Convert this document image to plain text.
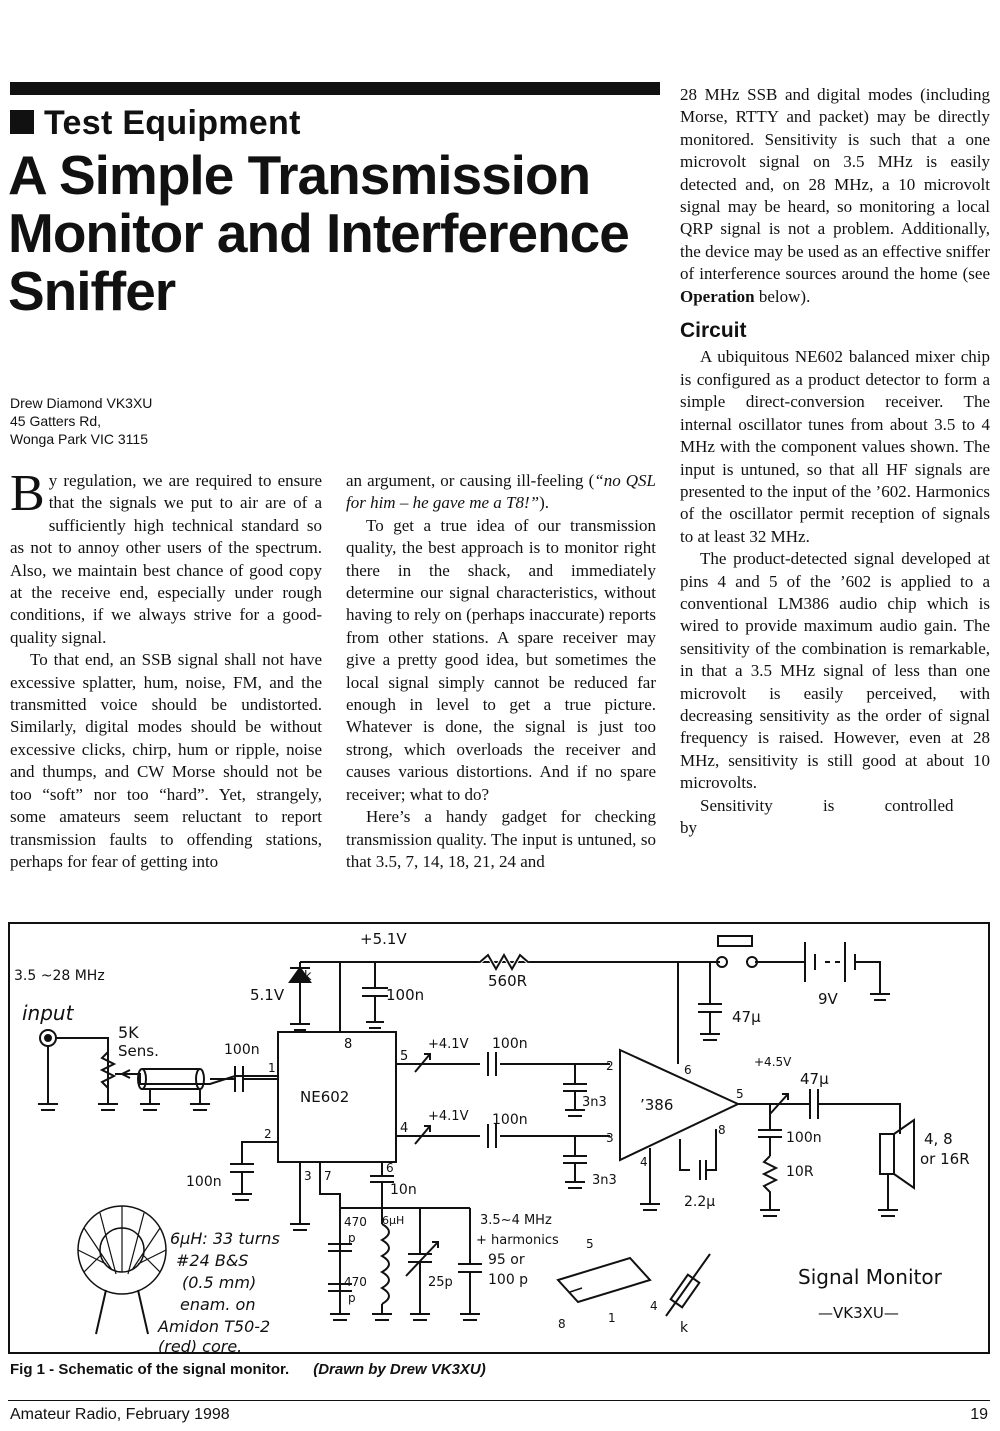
Test Equipment
A Simple Transmission Monitor and Interference Sniffer
Drew Diamond VK3XU
45 Gatters Rd,
Wonga Park VIC 3115

By regulation, we are required to ensure that the signals we put to air are of a sufficiently high technical standard so as not to annoy other users of the spectrum. Also, we maintain best chance of good copy at the receive end, especially under rough conditions, if we always strive for a good-quality signal.

To that end, an SSB signal shall not have excessive splatter, hum, noise, FM, and the transmitted voice should be undistorted. Similarly, digital modes should be without excessive clicks, chirp, hum or ripple, noise and thumps, and CW Morse should not be too “soft” nor too “hard”. Yet, strangely, some amateurs seem reluctant to report transmission faults to offending stations, perhaps for fear of getting into

an argument, or causing ill-feeling (“no QSL for him – he gave me a T8!”).

To get a true idea of our transmission quality, the best approach is to monitor right there in the shack, and immediately determine our signal characteristics, without having to rely on (perhaps inaccurate) reports from other stations. A spare receiver may give a pretty good idea, but sometimes the local signal simply cannot be reduced far enough in level to get a true picture. Whatever is done, the signal is just too strong, which overloads the receiver and causes various distortions. And if no spare receiver; what to do?

Here’s a handy gadget for checking transmission quality. The input is untuned, so that 3.5, 7, 14, 18, 21, 24 and

28 MHz SSB and digital modes (including Morse, RTTY and packet) may be directly monitored. Sensitivity is such that a one microvolt signal on 3.5 MHz is easily detected and, on 28 MHz, a 10 microvolt signal may be heard, so monitoring a local QRP signal is not a problem. Additionally, the device may be used as an effective sniffer of interference sources around the home (see Operation below).

Circuit

A ubiquitous NE602 balanced mixer chip is configured as a product detector to form a simple direct-conversion receiver. The internal oscillator tunes from about 3.5 to 4 MHz with the component values shown. The input is untuned, so that all HF signals are presented to the input of the ’602. Harmonics of the oscillator permit reception of signals to at least 32 MHz.

The product-detected signal developed at pins 4 and 5 of the ’602 is applied to a conventional LM386 audio chip which is wired to provide maximum audio gain. The sensitivity of the combination is remarkable, in that a 3.5 MHz signal of less than one microvolt is easily perceived, with decreasing sensitivity as the order of signal frequency is raised. However, even at 28 MHz, sensitivity is still good at about 10 microvolts.

Sensitivity is controlled by

3.5 ~28 MHz
input
5K
Sens.
5.1V
k
+5.1V
100n
560R
9V
47µ
100n
1
2
8
5
4
3 7
6
NE602
+4.1V
+4.1V
100n
100n
3n3
3n3
’386
2
3
4
5
6
8
+4.5V
47µ
100n
10R
2.2µ
4, 8
or 16R
100n	10n
470
p
470
p
6µH
25p
3.5~4 MHz
+ harmonics
95 or
100 p
6µH: 33 turns
#24 B&S
(0.5 mm)
enam. on
Amidon T50-2
(red) core.
5
4
8	1
k
Signal Monitor
—VK3XU—
Fig 1 - Schematic of the signal monitor. (Drawn by Drew VK3XU)
Amateur Radio, February 1998	19
